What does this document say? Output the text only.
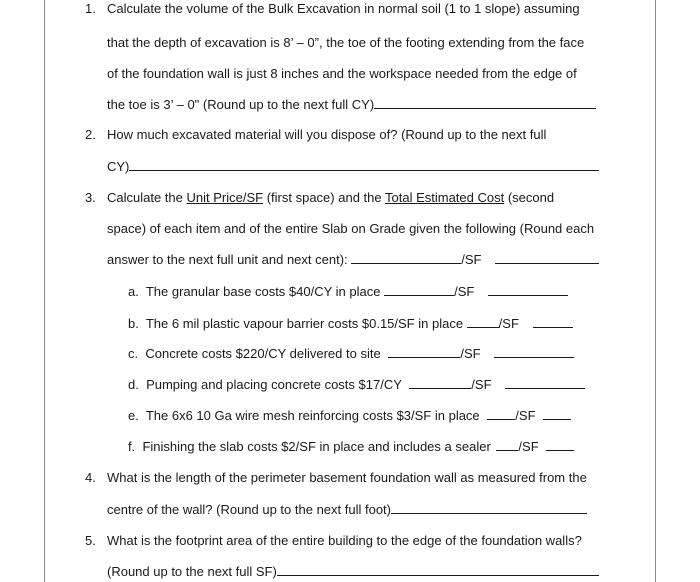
1. Calculate the volume of the Bulk Excavation in normal soil (1 to 1 slope) assuming
that the depth of excavation is 8’ – 0”, the toe of the footing extending from the face
of the foundation wall is just 8 inches and the workspace needed from the edge of
the toe is 3’ – 0" (Round up to the next full CY)
2. How much excavated material will you dispose of? (Round up to the next full
CY)
3. Calculate the Unit Price/SF (first space) and the Total Estimated Cost (second
space) of each item and of the entire Slab on Grade given the following (Round each
answer to the next full unit and next cent):	/SF
a. The granular base costs $40/CY in place	/SF
b. The 6 mil plastic vapour barrier costs $0.15/SF in place	/SF
c. Concrete costs $220/CY delivered to site	/SF
d. Pumping and placing concrete costs $17/CY	/SF
e. The 6x6 10 Ga wire mesh reinforcing costs $3/SF in place	/SF
f. Finishing the slab costs $2/SF in place and includes a sealer /SF
4. What is the length of the perimeter basement foundation wall as measured from the
centre of the wall? (Round up to the next full foot)
5. What is the footprint area of the entire building to the edge of the foundation walls?
(Round up to the next full SF)
